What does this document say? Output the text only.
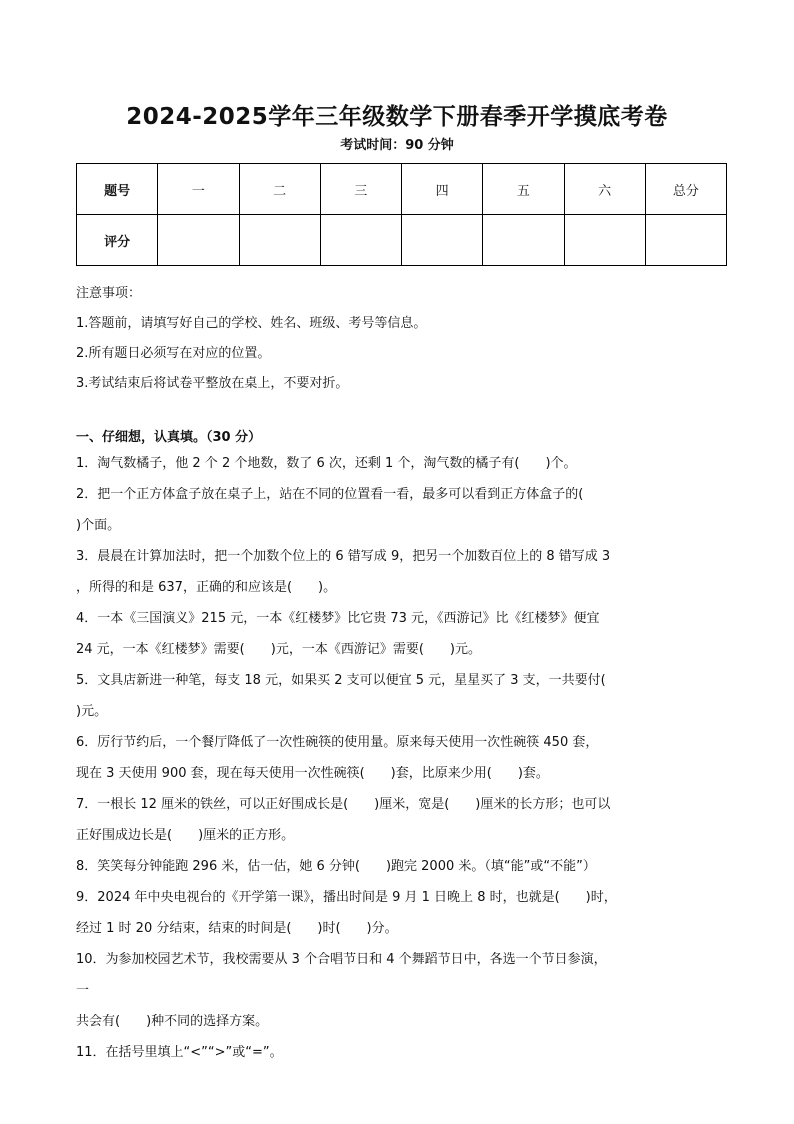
2024-2025学年三年级数学下册春季开学摸底考卷
考试时间：90 分钟
题号	一	二	三	四	五	六	总分
评分							
注意事项：
1.答题前，请填写好自己的学校、姓名、班级、考号等信息。
2.所有题日必须写在对应的位置。
3.考试结束后将试卷平整放在桌上，不要对折。
一、仔细想，认真填。（30 分）
1．淘气数橘子，他 2 个 2 个地数，数了 6 次，还剩 1 个，淘气数的橘子有(　　)个。
2．把一个正方体盒子放在桌子上，站在不同的位置看一看，最多可以看到正方体盒子的(
)个面。
3．晨晨在计算加法时，把一个加数个位上的 6 错写成 9，把另一个加数百位上的 8 错写成 3
，所得的和是 637，正确的和应该是(　　)。
4．一本《三国演义》215 元，一本《红楼梦》比它贵 73 元，《西游记》比《红楼梦》便宜
24 元，一本《红楼梦》需要(　　)元，一本《西游记》需要(　　)元。
5．文具店新进一种笔，每支 18 元，如果买 2 支可以便宜 5 元，星星买了 3 支，一共要付(
)元。
6．厉行节约后，一个餐厅降低了一次性碗筷的使用量。原来每天使用一次性碗筷 450 套，
现在 3 天使用 900 套，现在每天使用一次性碗筷(　　)套，比原来少用(　　)套。
7．一根长 12 厘米的铁丝，可以正好围成长是(　　)厘米，宽是(　　)厘米的长方形；也可以
正好围成边长是(　　)厘米的正方形。
8．笑笑每分钟能跑 296 米，估一估，她 6 分钟(　　)跑完 2000 米。（填“能”或“不能”）
9．2024 年中央电视台的《开学第一课》，播出时间是 9 月 1 日晚上 8 时，也就是(　　)时，
经过 1 时 20 分结束，结束的时间是(　　)时(　　)分。
10．为参加校园艺术节，我校需要从 3 个合唱节日和 4 个舞蹈节日中，各选一个节日参演，
一
共会有(　　)种不同的选择方案。
11．在括号里填上“<”“>”或“=”。
